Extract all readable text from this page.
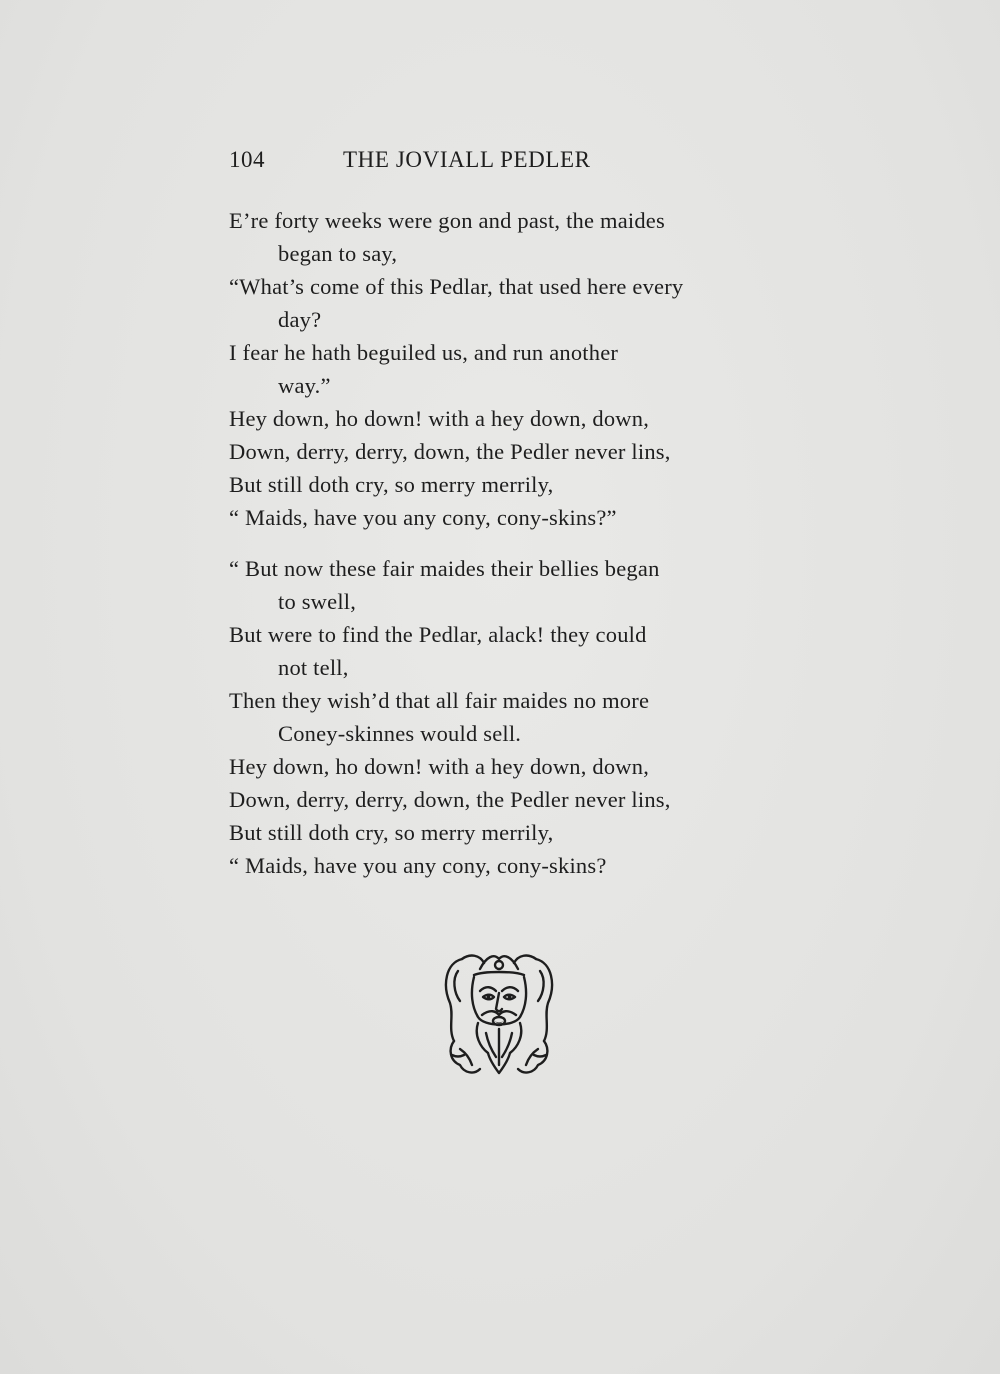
104	THE JOVIALL PEDLER
E’re forty weeks were gon and past, the maides
began to say,
“What’s come of this Pedlar, that used here every
day?
I fear he hath beguiled us, and run another
way.”
Hey down, ho down! with a hey down, down,
Down, derry, derry, down, the Pedler never lins,
But still doth cry, so merry merrily,
“ Maids, have you any cony, cony-skins?”
“ But now these fair maides their bellies began
to swell,
But were to find the Pedlar, alack! they could
not tell,
Then they wish’d that all fair maides no more
Coney-skinnes would sell.
Hey down, ho down! with a hey down, down,
Down, derry, derry, down, the Pedler never lins,
But still doth cry, so merry merrily,
“ Maids, have you any cony, cony-skins?
